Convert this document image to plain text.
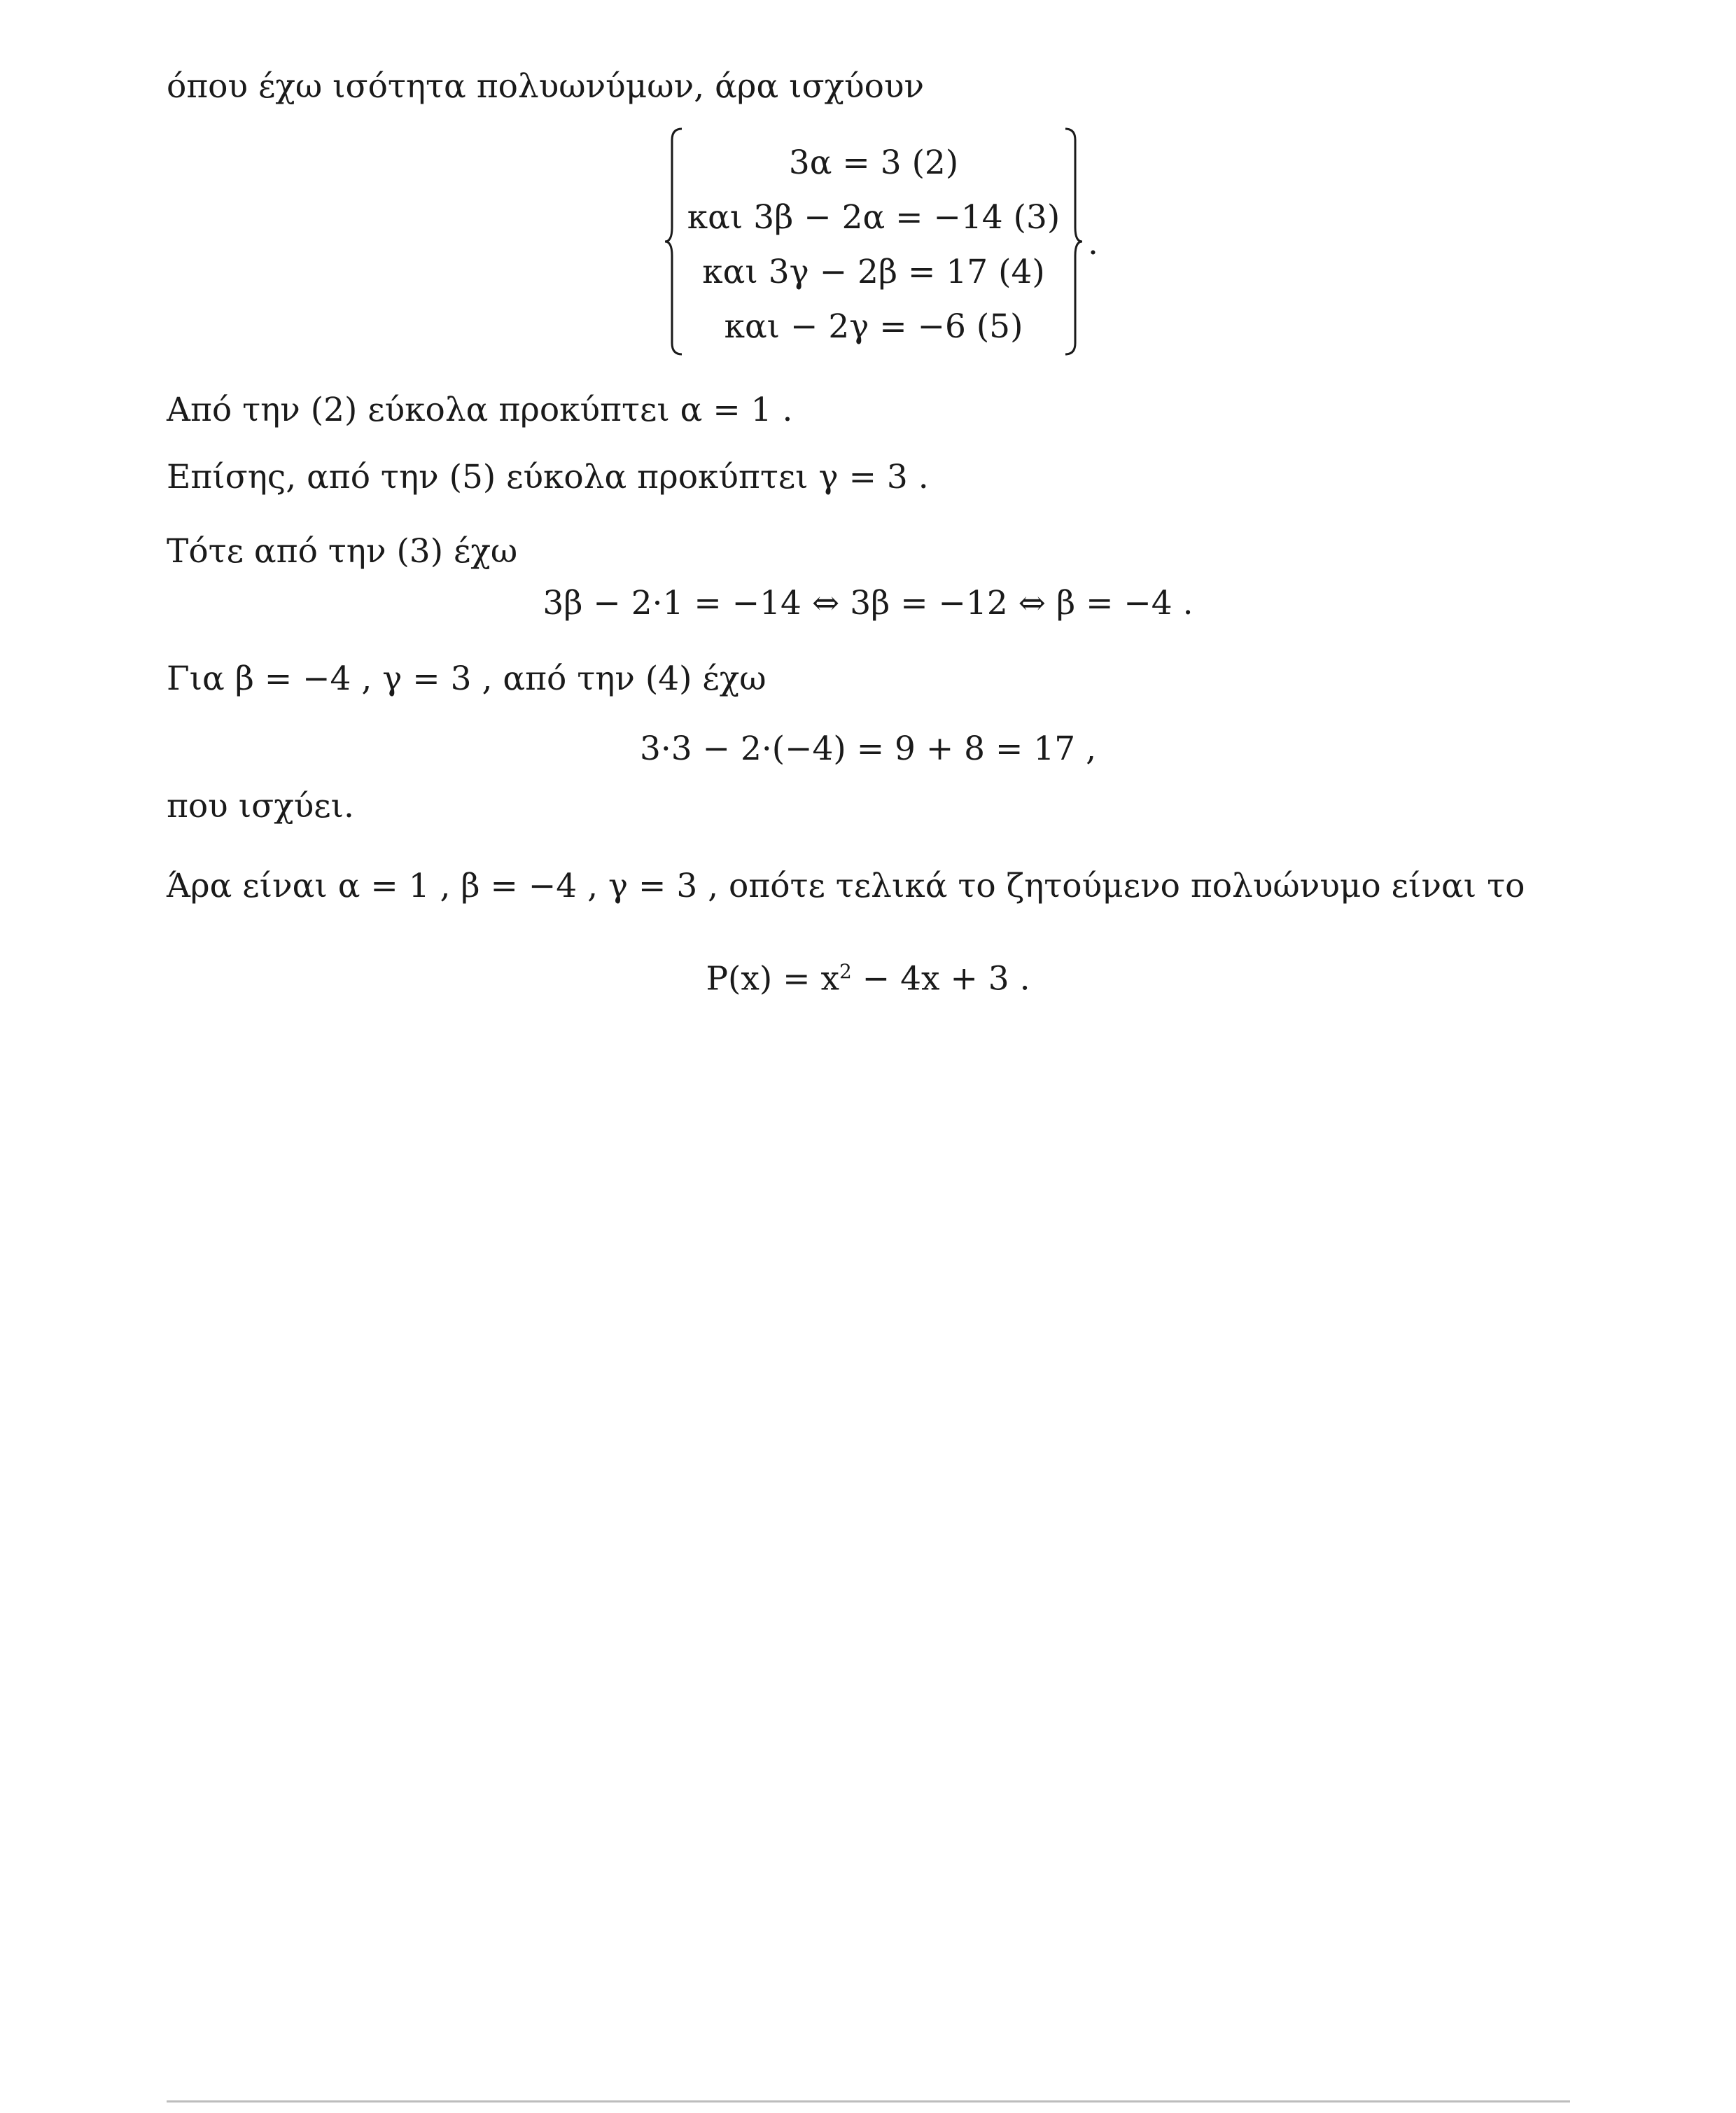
όπου έχω ισότητα πολυωνύμων, άρα ισχύουν
3α = 3 (2)
και 3β − 2α = −14 (3)
και 3γ − 2β = 17 (4)
και − 2γ = −6 (5)
.
Από την (2) εύκολα προκύπτει α = 1 .
Επίσης, από την (5) εύκολα προκύπτει γ = 3 .
Τότε από την (3) έχω
3β − 2·1 = −14 ⇔ 3β = −12 ⇔ β = −4 .
Για β = −4 , γ = 3 , από την (4) έχω
3·3 − 2·(−4) = 9 + 8 = 17 ,
που ισχύει.
Άρα είναι α = 1 , β = −4 , γ = 3 , οπότε τελικά το ζητούμενο πολυώνυμο είναι το
$P(x) = x^2 - 4x + 3$ .
